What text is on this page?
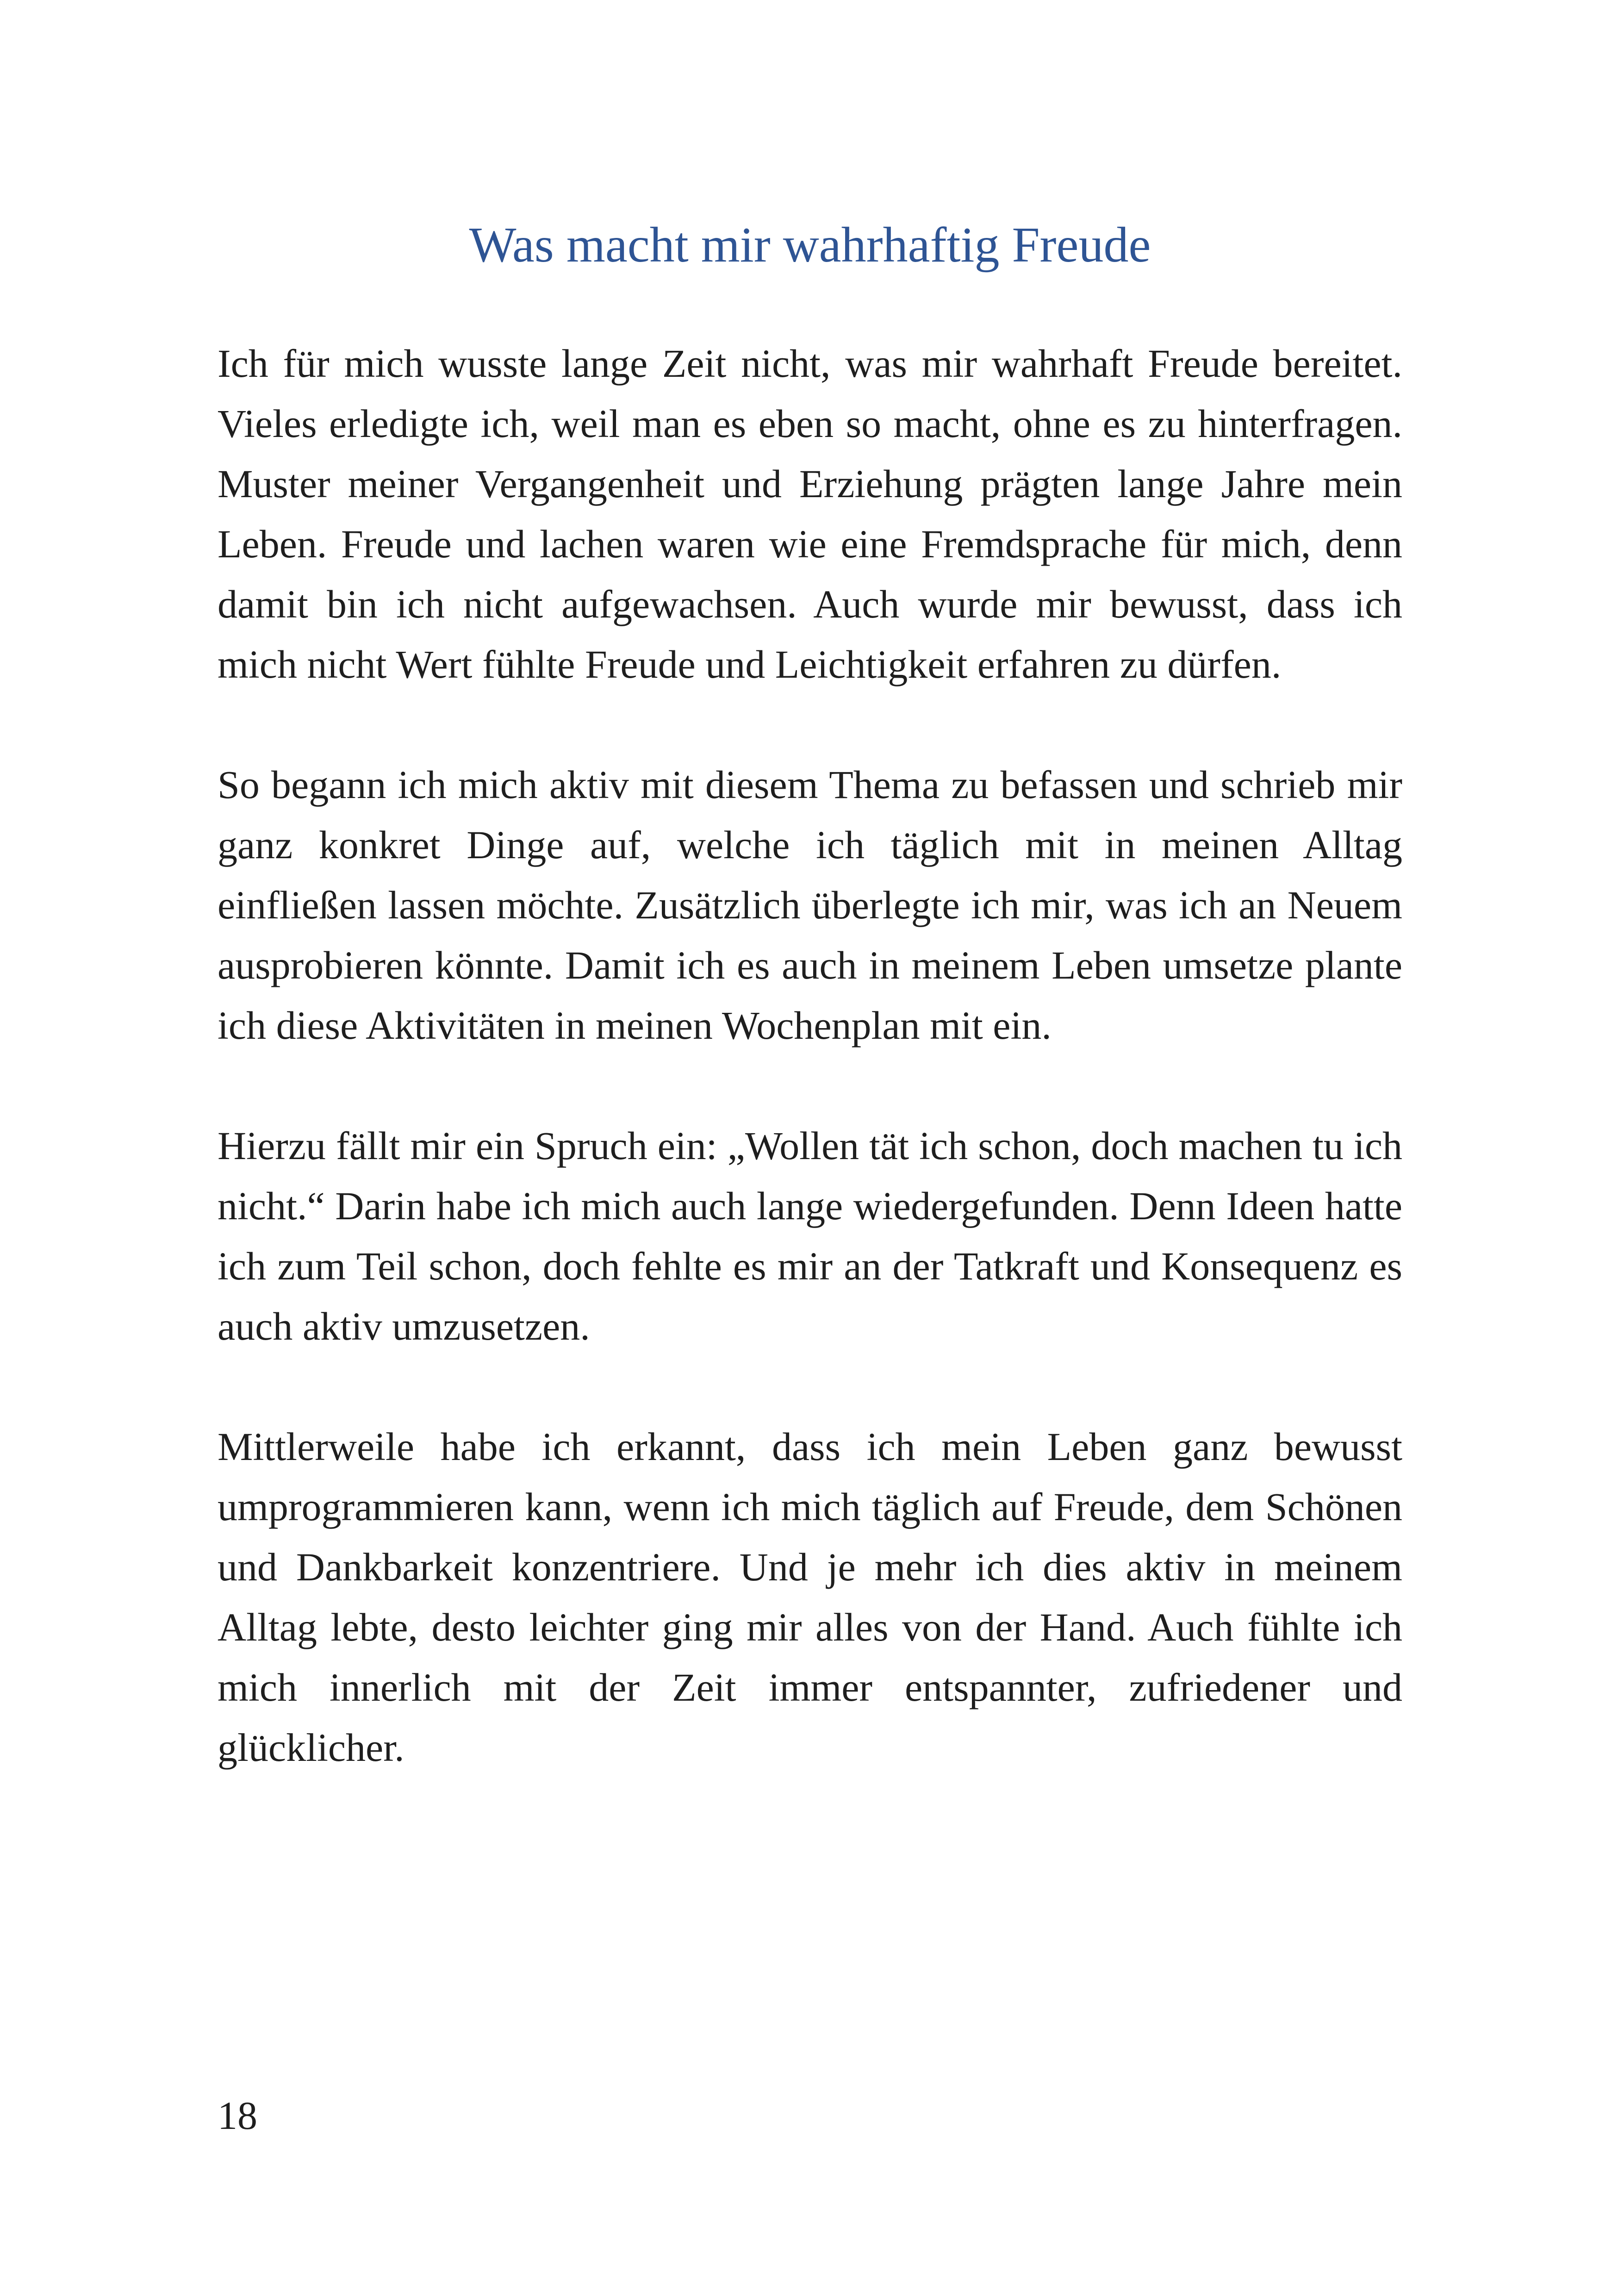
Was macht mir wahrhaftig Freude

Ich für mich wusste lange Zeit nicht, was mir wahrhaft Freude bereitet. Vieles erledigte ich, weil man es eben so macht, ohne es zu hinterfragen. Muster meiner Vergangenheit und Erziehung prägten lange Jahre mein Leben. Freude und lachen waren wie eine Fremdsprache für mich, denn damit bin ich nicht aufgewachsen. Auch wurde mir bewusst, dass ich mich nicht Wert fühlte Freude und Leichtigkeit erfahren zu dürfen.

So begann ich mich aktiv mit diesem Thema zu befassen und schrieb mir ganz konkret Dinge auf, welche ich täglich mit in meinen Alltag einfließen lassen möchte. Zusätzlich überlegte ich mir, was ich an Neuem ausprobieren könnte. Damit ich es auch in meinem Leben umsetze plante ich diese Aktivitäten in meinen Wochenplan mit ein.

Hierzu fällt mir ein Spruch ein: „Wollen tät ich schon, doch machen tu ich nicht.“ Darin habe ich mich auch lange wiedergefunden. Denn Ideen hatte ich zum Teil schon, doch fehlte es mir an der Tatkraft und Konsequenz es auch aktiv umzusetzen.

Mittlerweile habe ich erkannt, dass ich mein Leben ganz bewusst umprogrammieren kann, wenn ich mich täglich auf Freude, dem Schönen und Dankbarkeit konzentriere. Und je mehr ich dies aktiv in meinem Alltag lebte, desto leichter ging mir alles von der Hand. Auch fühlte ich mich innerlich mit der Zeit immer entspannter, zufriedener und glücklicher.

18
